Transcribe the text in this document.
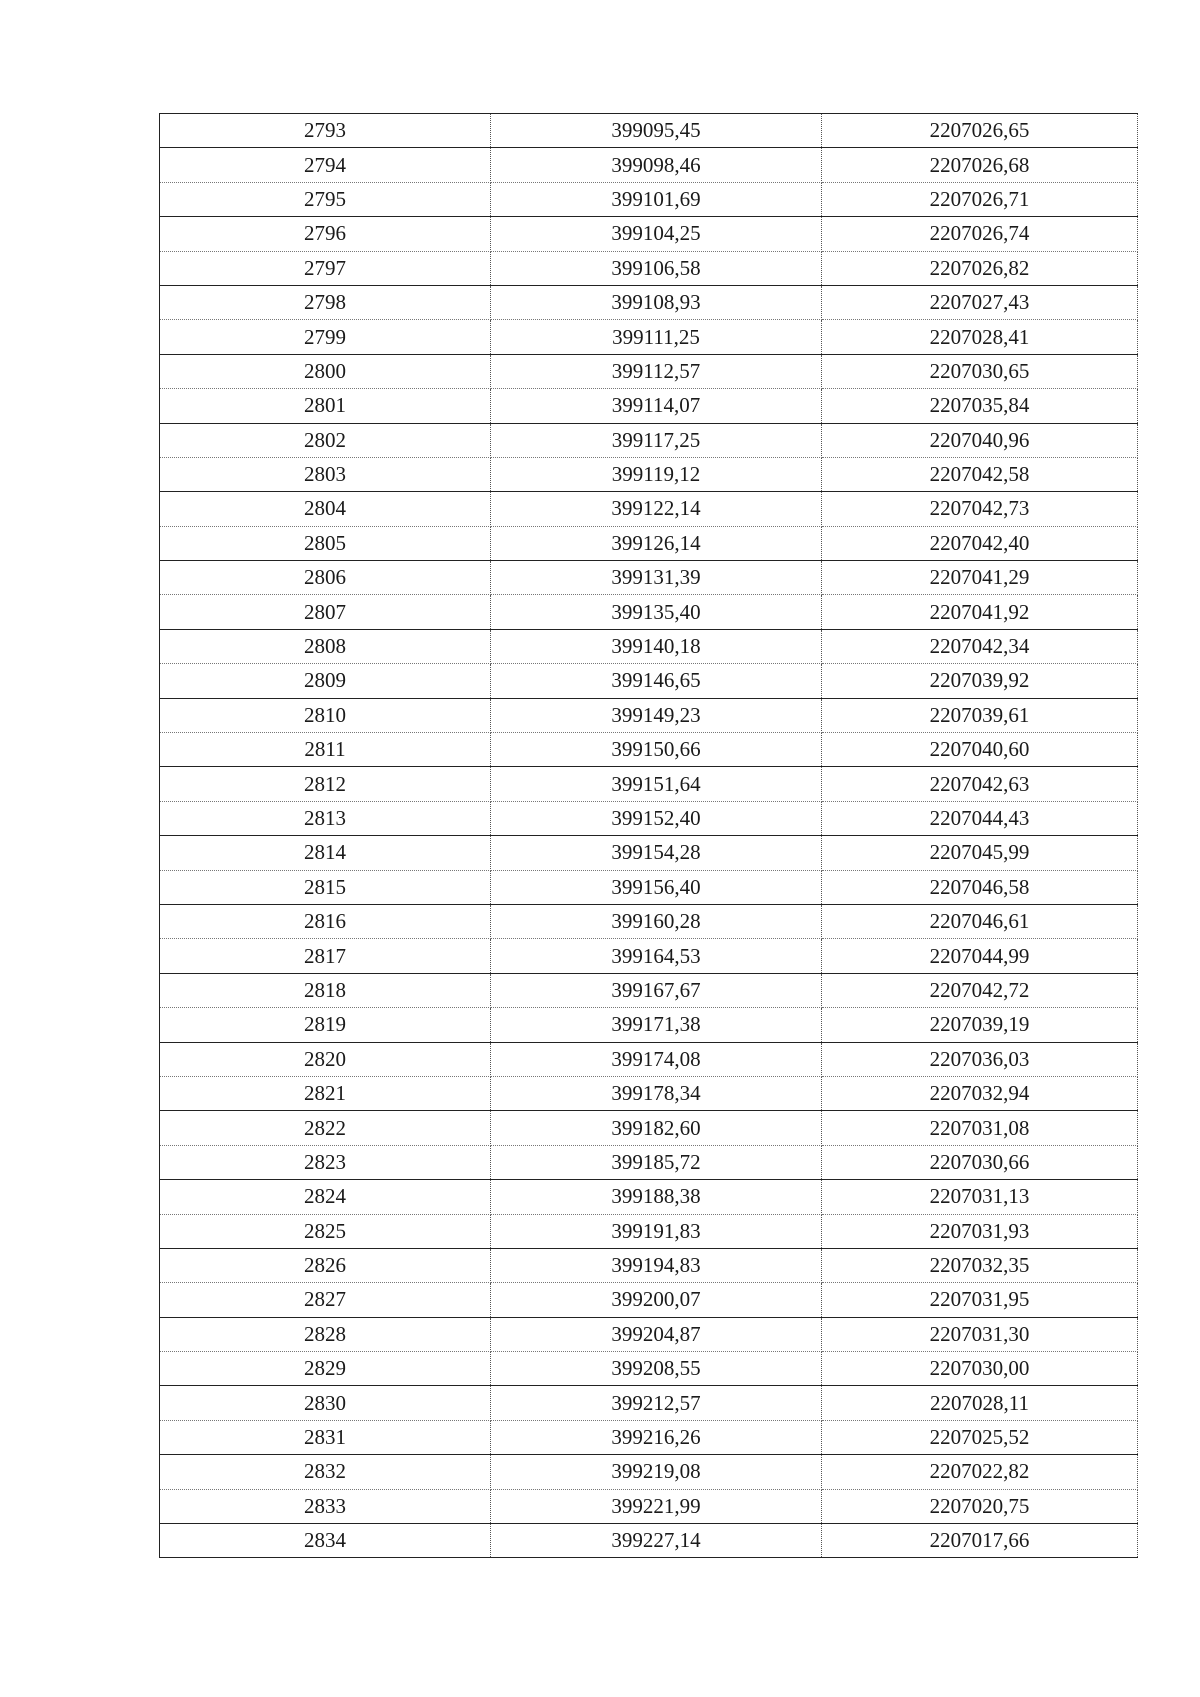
2793	399095,45	2207026,65
2794	399098,46	2207026,68
2795	399101,69	2207026,71
2796	399104,25	2207026,74
2797	399106,58	2207026,82
2798	399108,93	2207027,43
2799	399111,25	2207028,41
2800	399112,57	2207030,65
2801	399114,07	2207035,84
2802	399117,25	2207040,96
2803	399119,12	2207042,58
2804	399122,14	2207042,73
2805	399126,14	2207042,40
2806	399131,39	2207041,29
2807	399135,40	2207041,92
2808	399140,18	2207042,34
2809	399146,65	2207039,92
2810	399149,23	2207039,61
2811	399150,66	2207040,60
2812	399151,64	2207042,63
2813	399152,40	2207044,43
2814	399154,28	2207045,99
2815	399156,40	2207046,58
2816	399160,28	2207046,61
2817	399164,53	2207044,99
2818	399167,67	2207042,72
2819	399171,38	2207039,19
2820	399174,08	2207036,03
2821	399178,34	2207032,94
2822	399182,60	2207031,08
2823	399185,72	2207030,66
2824	399188,38	2207031,13
2825	399191,83	2207031,93
2826	399194,83	2207032,35
2827	399200,07	2207031,95
2828	399204,87	2207031,30
2829	399208,55	2207030,00
2830	399212,57	2207028,11
2831	399216,26	2207025,52
2832	399219,08	2207022,82
2833	399221,99	2207020,75
2834	399227,14	2207017,66
